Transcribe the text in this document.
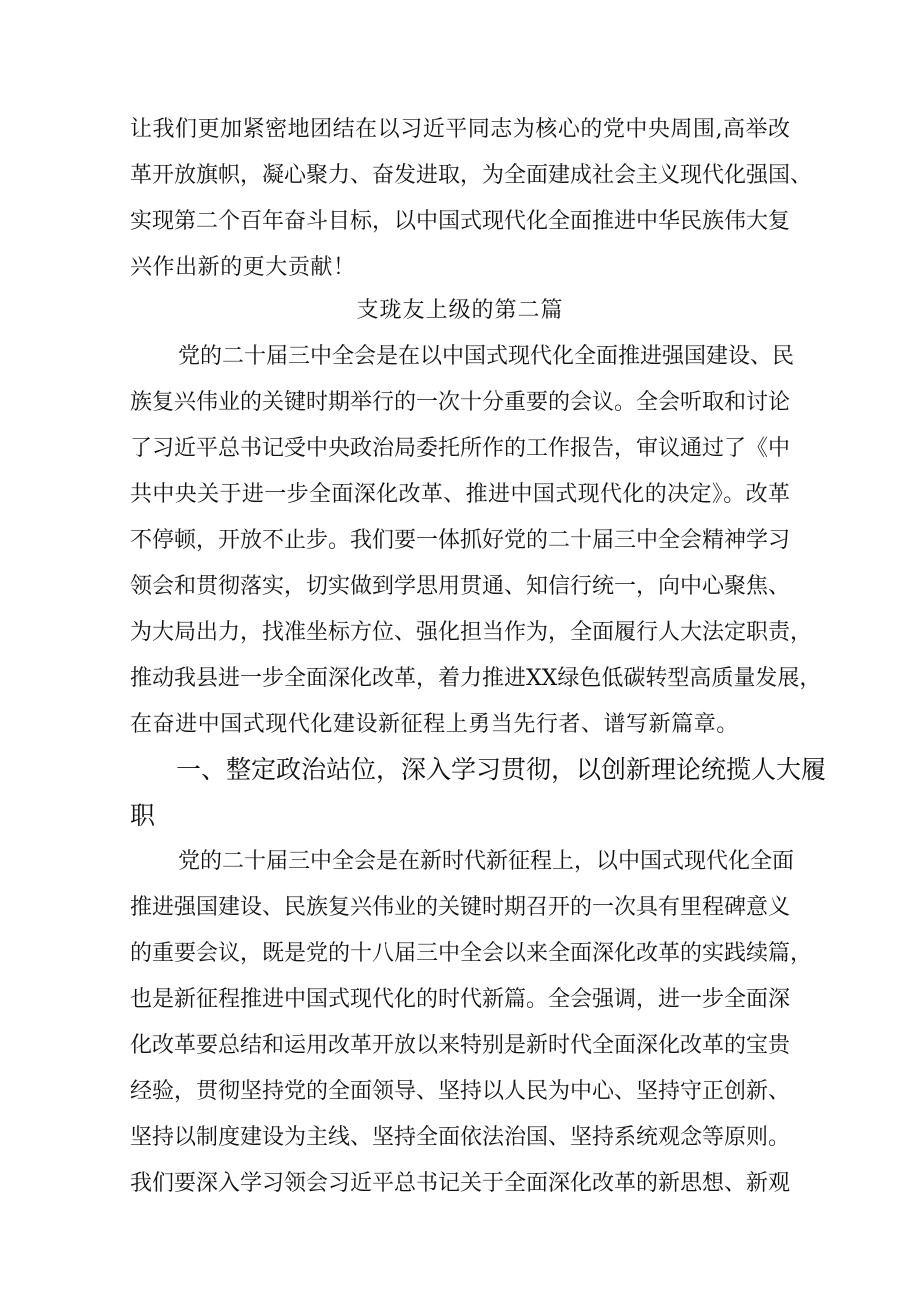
让我们更加紧密地团结在以习近平同志为核心的党中央周围,高举改
革开放旗帜，凝心聚力、奋发进取，为全面建成社会主义现代化强国、
实现第二个百年奋斗目标，以中国式现代化全面推进中华民族伟大复
兴作出新的更大贡献！
支珑友上级的第二篇
党的二十届三中全会是在以中国式现代化全面推进强国建设、民
族复兴伟业的关键时期举行的一次十分重要的会议。全会听取和讨论
了习近平总书记受中央政治局委托所作的工作报告，审议通过了《中
共中央关于进一步全面深化改革、推进中国式现代化的决定》。改革
不停顿，开放不止步。我们要一体抓好党的二十届三中全会精神学习
领会和贯彻落实，切实做到学思用贯通、知信行统一，向中心聚焦、
为大局出力，找准坐标方位、强化担当作为，全面履行人大法定职责，
推动我县进一步全面深化改革，着力推进XX绿色低碳转型高质量发展，
在奋进中国式现代化建设新征程上勇当先行者、谱写新篇章。
一、整定政治站位，深入学习贯彻，以创新理论统揽人大履
职
党的二十届三中全会是在新时代新征程上，以中国式现代化全面
推进强国建设、民族复兴伟业的关键时期召开的一次具有里程碑意义
的重要会议，既是党的十八届三中全会以来全面深化改革的实践续篇，
也是新征程推进中国式现代化的时代新篇。全会强调，进一步全面深
化改革要总结和运用改革开放以来特别是新时代全面深化改革的宝贵
经验，贯彻坚持党的全面领导、坚持以人民为中心、坚持守正创新、
坚持以制度建设为主线、坚持全面依法治国、坚持系统观念等原则。
我们要深入学习领会习近平总书记关于全面深化改革的新思想、新观
